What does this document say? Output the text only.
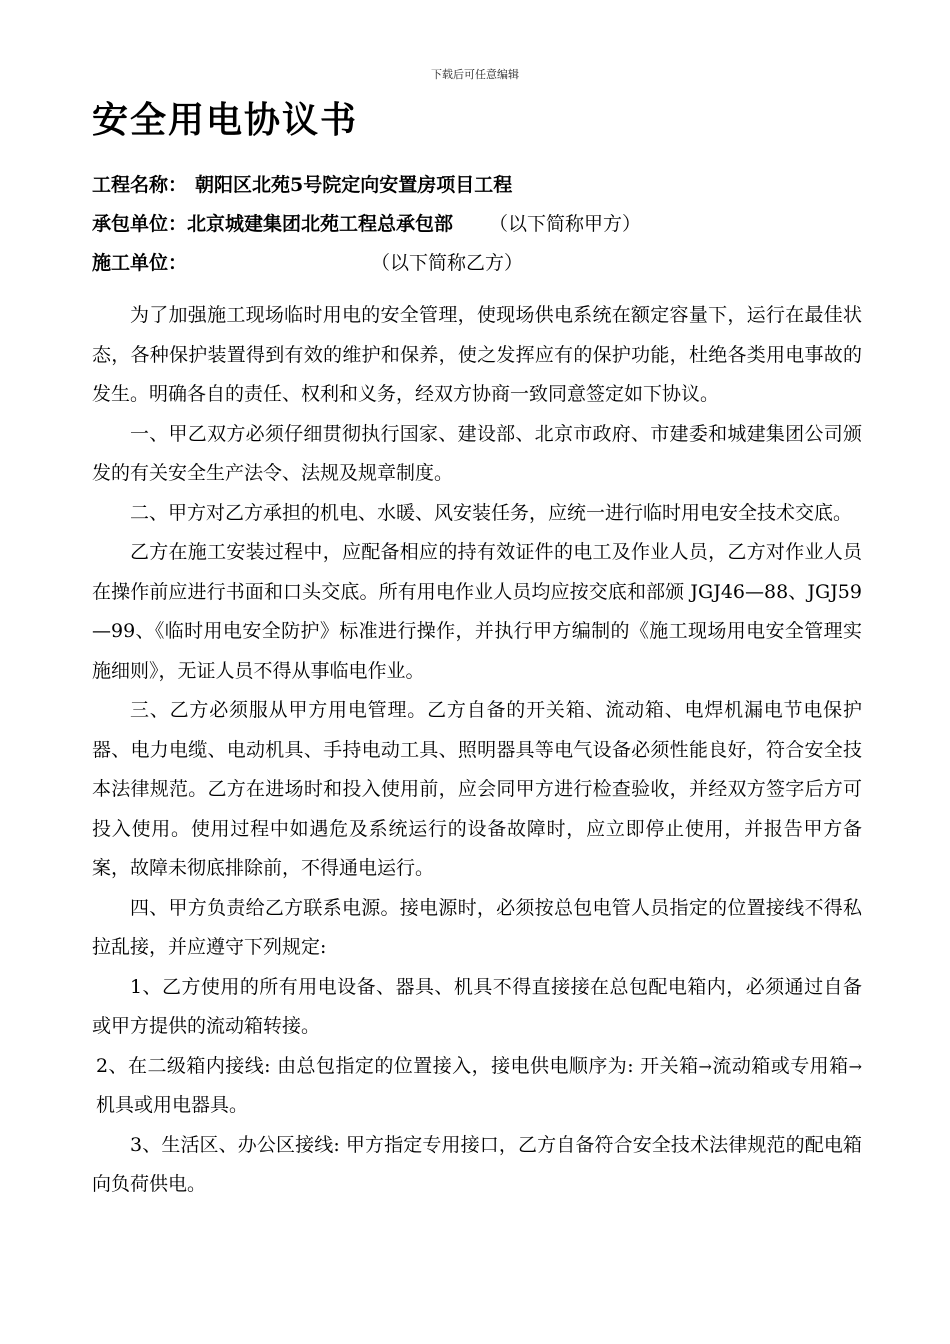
下载后可任意编辑
安全用电协议书
工程名称： 朝阳区北苑5号院定向安置房项目工程
承包单位：北京城建集团北苑工程总承包部 （以下简称甲方）
施工单位：	（以下简称乙方）

为了加强施工现场临时用电的安全管理，使现场供电系统在额定容量下，运行在最佳状态，各种保护装置得到有效的维护和保养，使之发挥应有的保护功能，杜绝各类用电事故的发生。明确各自的责任、权利和义务，经双方协商一致同意签定如下协议。

一、甲乙双方必须仔细贯彻执行国家、建设部、北京市政府、市建委和城建集团公司颁发的有关安全生产法令、法规及规章制度。

二、甲方对乙方承担的机电、水暖、风安装任务，应统一进行临时用电安全技术交底。

乙方在施工安装过程中，应配备相应的持有效证件的电工及作业人员，乙方对作业人员在操作前应进行书面和口头交底。所有用电作业人员均应按交底和部颁 JGJ46—88、JGJ59—99、《临时用电安全防护》标准进行操作，并执行甲方编制的《施工现场用电安全管理实施细则》，无证人员不得从事临电作业。

三、乙方必须服从甲方用电管理。乙方自备的开关箱、流动箱、电焊机漏电节电保护器、电力电缆、电动机具、手持电动工具、照明器具等电气设备必须性能良好，符合安全技本法律规范。乙方在进场时和投入使用前，应会同甲方进行检查验收，并经双方签字后方可投入使用。使用过程中如遇危及系统运行的设备故障时，应立即停止使用，并报告甲方备案，故障未彻底排除前，不得通电运行。

四、甲方负责给乙方联系电源。接电源时，必须按总包电管人员指定的位置接线不得私拉乱接，并应遵守下列规定:

1、乙方使用的所有用电设备、器具、机具不得直接接在总包配电箱内，必须通过自备或甲方提供的流动箱转接。

2、在二级箱内接线: 由总包指定的位置接入，接电供电顺序为: 开关箱→流动箱或专用箱→机具或用电器具。

3、生活区、办公区接线: 甲方指定专用接口，乙方自备符合安全技术法律规范的配电箱向负荷供电。
